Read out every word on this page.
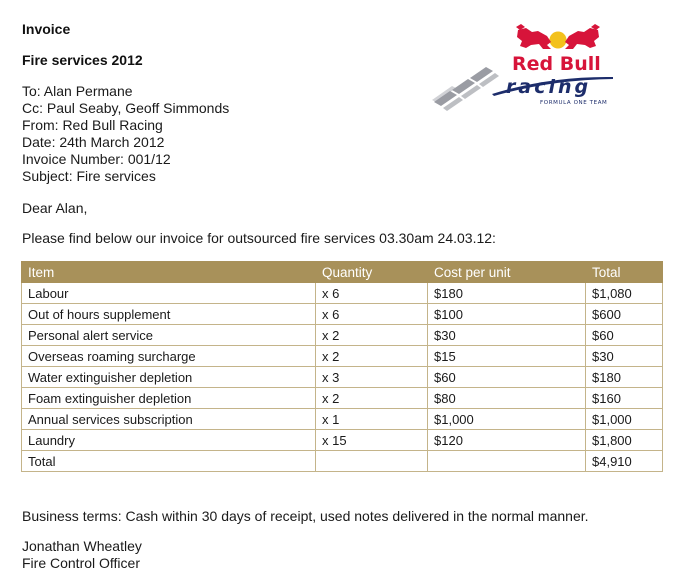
Invoice
Fire services 2012
To: Alan Permane
Cc: Paul Seaby, Geoff Simmonds
From: Red Bull Racing
Date: 24th March 2012
Invoice Number: 001/12
Subject: Fire services
Red Bull
racing
FORMULA ONE TEAM
Dear Alan,
Please find below our invoice for outsourced fire services 03.30am 24.03.12:
Item	Quantity	Cost per unit	Total
Labour	x 6	$180	$1,080
Out of hours supplement	x 6	$100	$600
Personal alert service	x 2	$30	$60
Overseas roaming surcharge	x 2	$15	$30
Water extinguisher depletion	x 3	$60	$180
Foam extinguisher depletion	x 2	$80	$160
Annual services subscription	x 1	$1,000	$1,000
Laundry	x 15	$120	$1,800
Total			$4,910
Business terms: Cash within 30 days of receipt, used notes delivered in the normal manner.
Jonathan Wheatley
Fire Control Officer
